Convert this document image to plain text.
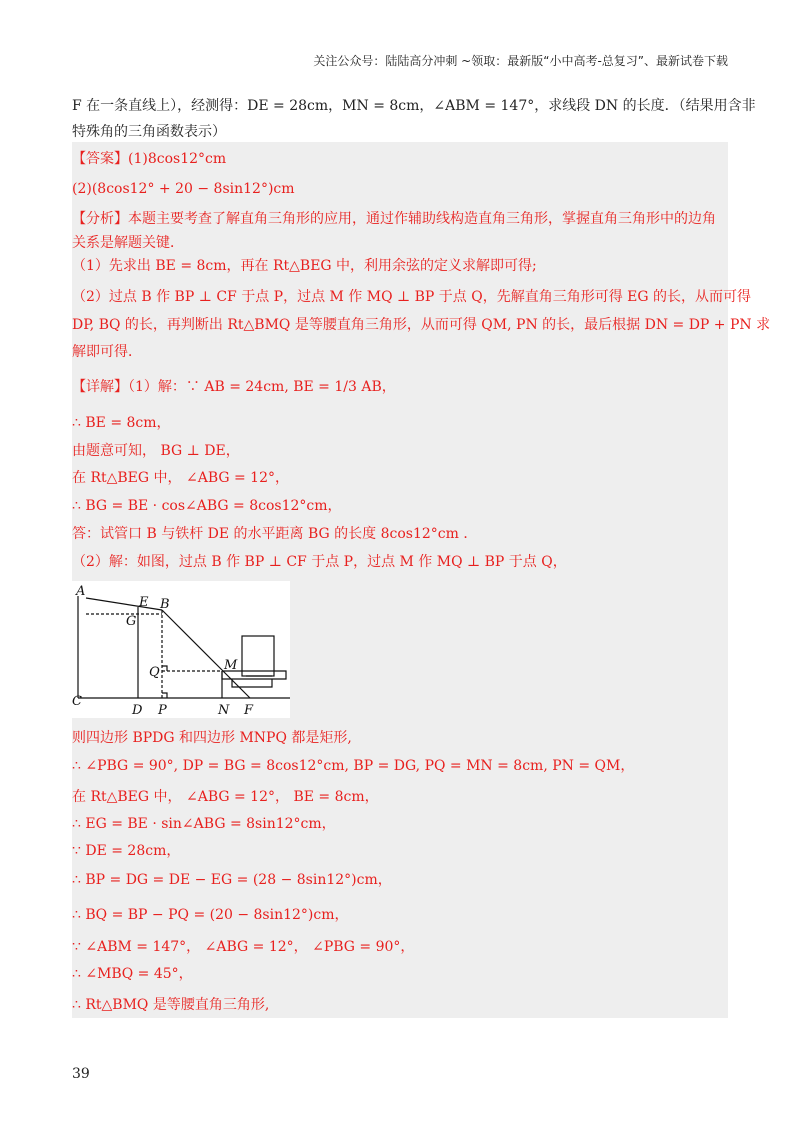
关注公众号：陆陆高分冲刺 ~领取：最新版“小中高考-总复习”、最新试卷下载
F 在一条直线上），经测得：DE = 28cm，MN = 8cm，∠ABM = 147°，求线段 DN 的长度．（结果用含非
特殊角的三角函数表示）
【答案】(1)8cos12°cm
(2)(8cos12° + 20 − 8sin12°)cm
【分析】本题主要考查了解直角三角形的应用，通过作辅助线构造直角三角形，掌握直角三角形中的边角
关系是解题关键．
（1）先求出 BE = 8cm，再在 Rt△BEG 中，利用余弦的定义求解即可得;
（2）过点 B 作 BP ⊥ CF 于点 P，过点 M 作 MQ ⊥ BP 于点 Q，先解直角三角形可得 EG 的长，从而可得
DP, BQ 的长，再判断出 Rt△BMQ 是等腰直角三角形，从而可得 QM, PN 的长，最后根据 DN = DP + PN 求
解即可得．
【详解】（1）解：∵ AB = 24cm, BE = 1/3 AB，
∴ BE = 8cm，
由题意可知， BG ⊥ DE，
在 Rt△BEG 中， ∠ABG = 12°，
∴ BG = BE · cos∠ABG = 8cos12°cm，
答：试管口 B 与铁杆 DE 的水平距离 BG 的长度 8cos12°cm ．
（2）解：如图，过点 B 作 BP ⊥ CF 于点 P，过点 M 作 MQ ⊥ BP 于点 Q，
A
E B
G
M
Q
C
D P	N F
则四边形 BPDG 和四边形 MNPQ 都是矩形,
∴ ∠PBG = 90°, DP = BG = 8cos12°cm, BP = DG, PQ = MN = 8cm, PN = QM，
在 Rt△BEG 中， ∠ABG = 12°， BE = 8cm，
∴ EG = BE · sin∠ABG = 8sin12°cm，
∵ DE = 28cm，
∴ BP = DG = DE − EG = (28 − 8sin12°)cm，
∴ BQ = BP − PQ = (20 − 8sin12°)cm，
∵ ∠ABM = 147°， ∠ABG = 12°， ∠PBG = 90°，
∴ ∠MBQ = 45°，
∴ Rt△BMQ 是等腰直角三角形,
39
